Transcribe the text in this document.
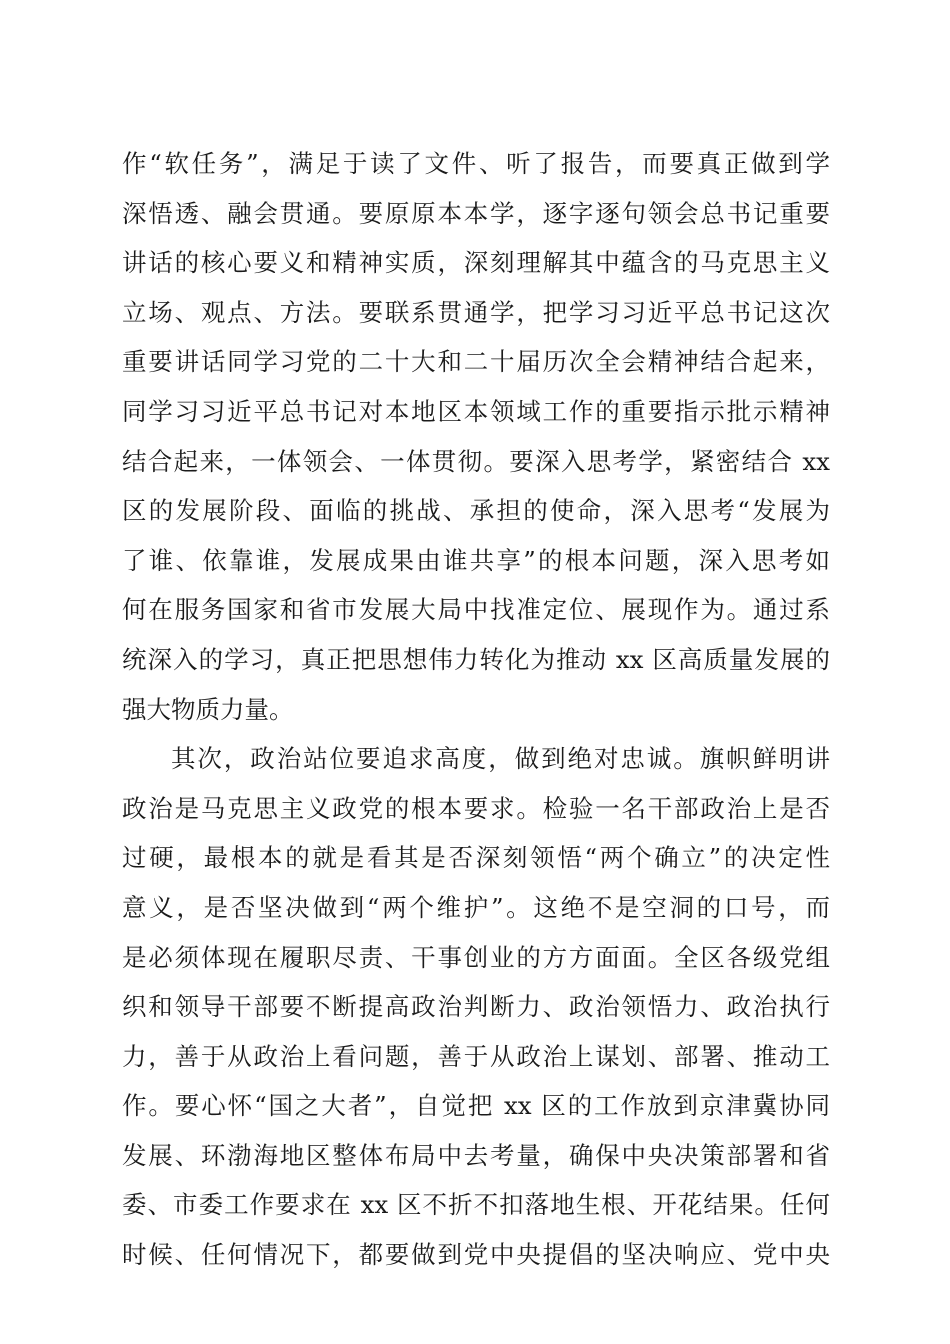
作“软任务”，满足于读了文件、听了报告，而要真正做到学
深悟透、融会贯通。要原原本本学，逐字逐句领会总书记重要
讲话的核心要义和精神实质，深刻理解其中蕴含的马克思主义
立场、观点、方法。要联系贯通学，把学习习近平总书记这次
重要讲话同学习党的二十大和二十届历次全会精神结合起来，
同学习习近平总书记对本地区本领域工作的重要指示批示精神
结合起来，一体领会、一体贯彻。要深入思考学，紧密结合 xx
区的发展阶段、面临的挑战、承担的使命，深入思考“发展为
了谁、依靠谁，发展成果由谁共享”的根本问题，深入思考如
何在服务国家和省市发展大局中找准定位、展现作为。通过系
统深入的学习，真正把思想伟力转化为推动 xx 区高质量发展的
强大物质力量。
其次，政治站位要追求高度，做到绝对忠诚。旗帜鲜明讲
政治是马克思主义政党的根本要求。检验一名干部政治上是否
过硬，最根本的就是看其是否深刻领悟“两个确立”的决定性
意义，是否坚决做到“两个维护”。这绝不是空洞的口号，而
是必须体现在履职尽责、干事创业的方方面面。全区各级党组
织和领导干部要不断提高政治判断力、政治领悟力、政治执行
力，善于从政治上看问题，善于从政治上谋划、部署、推动工
作。要心怀“国之大者”，自觉把 xx 区的工作放到京津冀协同
发展、环渤海地区整体布局中去考量，确保中央决策部署和省
委、市委工作要求在 xx 区不折不扣落地生根、开花结果。任何
时候、任何情况下，都要做到党中央提倡的坚决响应、党中央
